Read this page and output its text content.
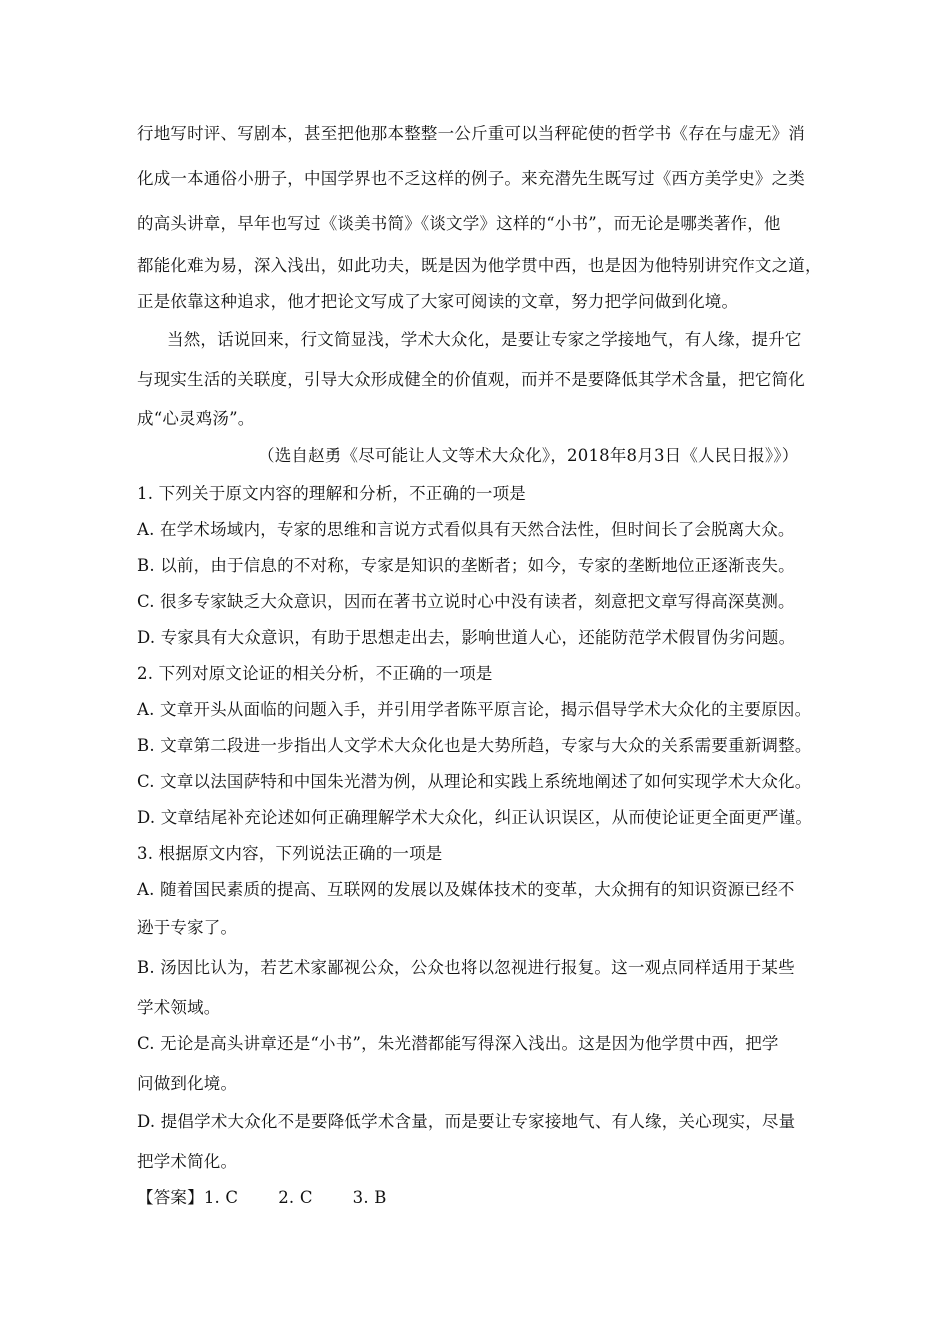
行地写时评、写剧本，甚至把他那本整整一公斤重可以当秤砣使的哲学书《存在与虚无》消
化成一本通俗小册子，中国学界也不乏这样的例子。来充潜先生既写过《西方美学史》之类
的高头讲章，早年也写过《谈美书简》《谈文学》这样的“小书”，而无论是哪类著作，他
都能化难为易，深入浅出，如此功夫，既是因为他学贯中西，也是因为他特别讲究作文之道，
正是依靠这种追求，他才把论文写成了大家可阅读的文章，努力把学问做到化境。
当然，话说回来，行文简显浅，学术大众化，是要让专家之学接地气，有人缘，提升它
与现实生活的关联度，引导大众形成健全的价值观，而并不是要降低其学术含量，把它简化
成“心灵鸡汤”。
（选自赵勇《尽可能让人文等术大众化》，2018年8月3日《人民日报》》）
1. 下列关于原文内容的理解和分析，不正确的一项是
A. 在学术场域内，专家的思维和言说方式看似具有天然合法性，但时间长了会脱离大众。
B. 以前，由于信息的不对称，专家是知识的垄断者；如今，专家的垄断地位正逐渐丧失。
C. 很多专家缺乏大众意识，因而在著书立说时心中没有读者，刻意把文章写得高深莫测。
D. 专家具有大众意识，有助于思想走出去，影响世道人心，还能防范学术假冒伪劣问题。
2. 下列对原文论证的相关分析，不正确的一项是
A. 文章开头从面临的问题入手，并引用学者陈平原言论，揭示倡导学术大众化的主要原因。
B. 文章第二段进一步指出人文学术大众化也是大势所趋，专家与大众的关系需要重新调整。
C. 文章以法国萨特和中国朱光潜为例，从理论和实践上系统地阐述了如何实现学术大众化。
D. 文章结尾补充论述如何正确理解学术大众化，纠正认识误区，从而使论证更全面更严谨。
3. 根据原文内容，下列说法正确的一项是
A. 随着国民素质的提高、互联网的发展以及媒体技术的变革，大众拥有的知识资源已经不
逊于专家了。
B. 汤因比认为，若艺术家鄙视公众，公众也将以忽视进行报复。这一观点同样适用于某些
学术领域。
C. 无论是高头讲章还是“小书”，朱光潜都能写得深入浅出。这是因为他学贯中西，把学
问做到化境。
D. 提倡学术大众化不是要降低学术含量，而是要让专家接地气、有人缘，关心现实，尽量
把学术简化。
【答案】1. C 2. C 3. B
